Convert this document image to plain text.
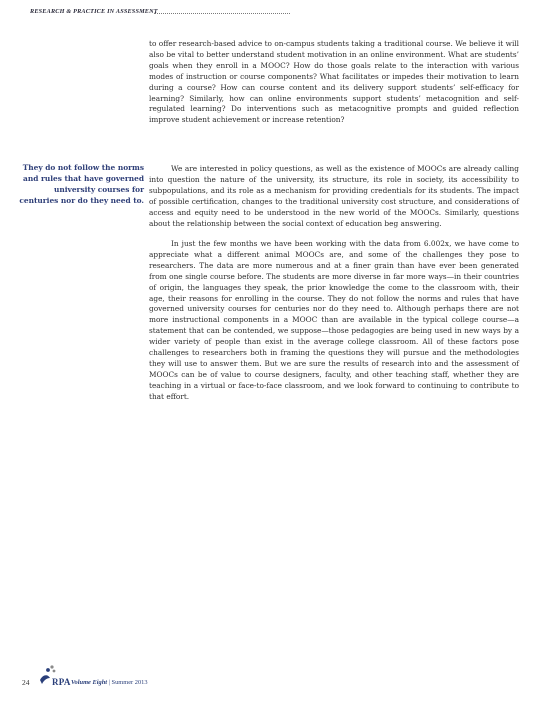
RESEARCH & PRACTICE IN ASSESSMENT
They do not follow the norms and rules that have governed university courses for centuries nor do they need to.

to offer research-based advice to on-campus students taking a traditional course. We believe it will also be vital to better understand student motivation in an online environment. What are students’ goals when they enroll in a MOOC? How do those goals relate to the interaction with various modes of instruction or course components? What facilitates or impedes their motivation to learn during a course? How can course content and its delivery support students’ self-efficacy for learning? Similarly, how can online environments support students’ metacognition and self-regulated learning? Do interventions such as metacognitive prompts and guided reflection improve student achievement or increase retention?

We are interested in policy questions, as well as the existence of MOOCs are already calling into question the nature of the university, its structure, its role in society, its accessibility to subpopulations, and its role as a mechanism for providing credentials for its students. The impact of possible certification, changes to the traditional university cost structure, and considerations of access and equity need to be understood in the new world of the MOOCs. Similarly, questions about the relationship between the social context of education beg answering.

In just the few months we have been working with the data from 6.002x, we have come to appreciate what a different animal MOOCs are, and some of the challenges they pose to researchers. The data are more numerous and at a finer grain than have ever been generated from one single course before. The students are more diverse in far more ways—in their countries of origin, the languages they speak, the prior knowledge the come to the classroom with, their age, their reasons for enrolling in the course. They do not follow the norms and rules that have governed university courses for centuries nor do they need to. Although perhaps there are not more instructional components in a MOOC than are available in the typical college course—a statement that can be contended, we suppose—those pedagogies are being used in new ways by a wider variety of people than exist in the average college classroom. All of these factors pose challenges to researchers both in framing the questions they will pursue and the methodologies they will use to answer them. But we are sure the results of research into and the assessment of MOOCs can be of value to course designers, faculty, and other teaching staff, whether they are teaching in a virtual or face-to-face classroom, and we look forward to continuing to contribute to that effort.

24	RPA Volume Eight | Summer 2013
